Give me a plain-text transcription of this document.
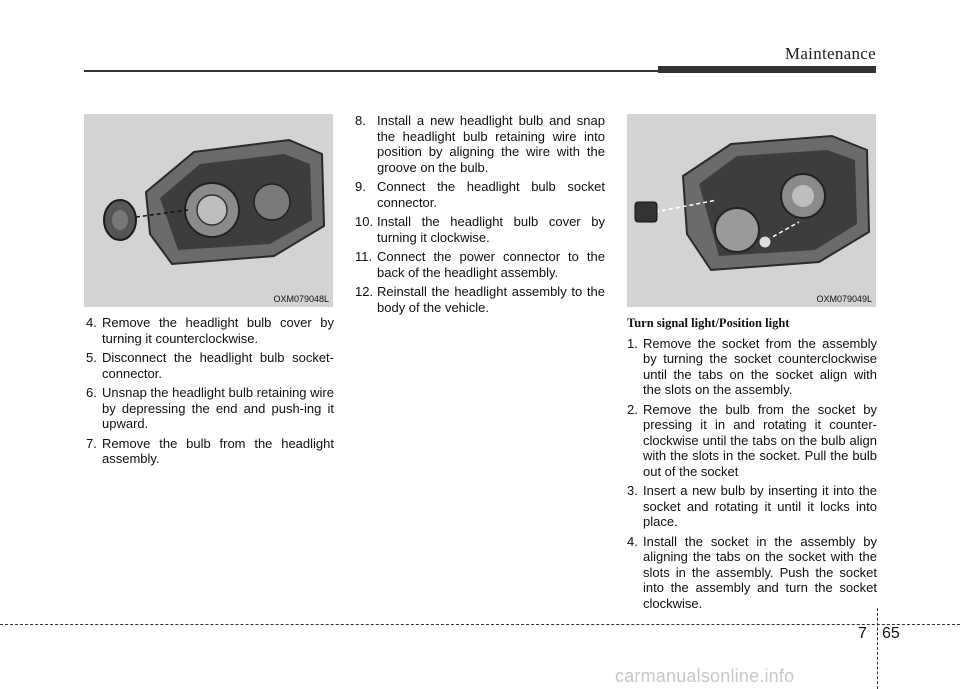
Maintenance
OXM079048L	OXM079049L
4. Remove the headlight bulb cover by turning it counterclockwise.
5. Disconnect the headlight bulb socket-connector.
6. Unsnap the headlight bulb retaining wire by depressing the end and push-ing it upward.
7. Remove the bulb from the headlight assembly.
8. Install a new headlight bulb and snap the headlight bulb retaining wire into position by aligning the wire with the groove on the bulb.
9. Connect the headlight bulb socket connector.
10. Install the headlight bulb cover by turning it clockwise.
11. Connect the power connector to the back of the headlight assembly.
12. Reinstall the headlight assembly to the body of the vehicle.
Turn signal light/Position light
1. Remove the socket from the assembly by turning the socket counterclockwise until the tabs on the socket align with the slots on the assembly.
2. Remove the bulb from the socket by pressing it in and rotating it counter-clockwise until the tabs on the bulb align with the slots in the socket. Pull the bulb out of the socket
3. Insert a new bulb by inserting it into the socket and rotating it until it locks into place.
4. Install the socket in the assembly by aligning the tabs on the socket with the slots in the assembly. Push the socket into the assembly and turn the socket clockwise.
7 65
carmanualsonline.info
